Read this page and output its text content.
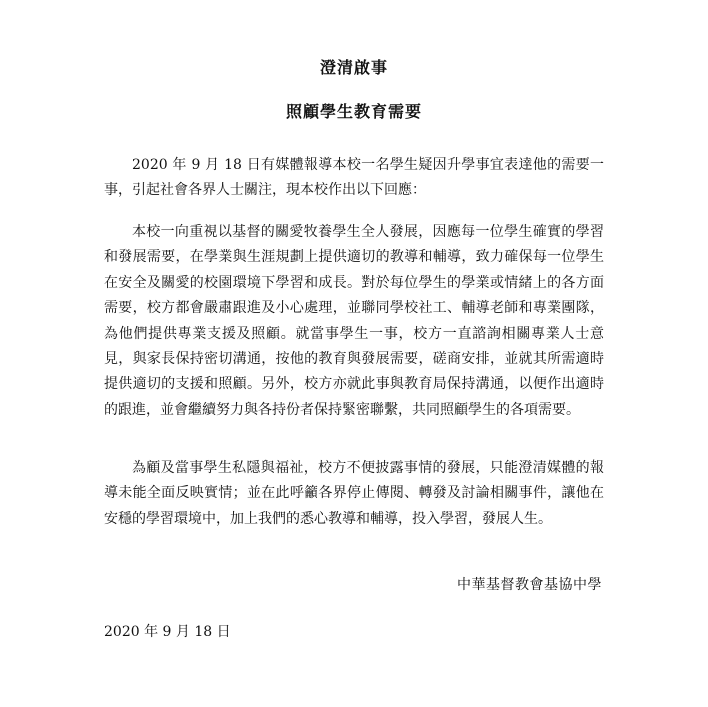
澄清啟事
照顧學生教育需要

2020 年 9 月 18 日有媒體報導本校一名學生疑因升學事宜表達他的需要一事，引起社會各界人士關注，現本校作出以下回應：

本校一向重視以基督的關愛牧養學生全人發展，因應每一位學生確實的學習和發展需要，在學業與生涯規劃上提供適切的教導和輔導，致力確保每一位學生在安全及關愛的校園環境下學習和成長。對於每位學生的學業或情緒上的各方面需要，校方都會嚴肅跟進及小心處理，並聯同學校社工、輔導老師和專業團隊，為他們提供專業支援及照顧。就當事學生一事，校方一直諮詢相關專業人士意見，與家長保持密切溝通，按他的教育與發展需要，磋商安排，並就其所需適時提供適切的支援和照顧。另外，校方亦就此事與教育局保持溝通，以便作出適時的跟進，並會繼續努力與各持份者保持緊密聯繫，共同照顧學生的各項需要。

為顧及當事學生私隱與福祉，校方不便披露事情的發展，只能澄清媒體的報導未能全面反映實情；並在此呼籲各界停止傳閱、轉發及討論相關事件，讓他在安穩的學習環境中，加上我們的悉心教導和輔導，投入學習，發展人生。

中華基督教會基協中學
2020 年 9 月 18 日
